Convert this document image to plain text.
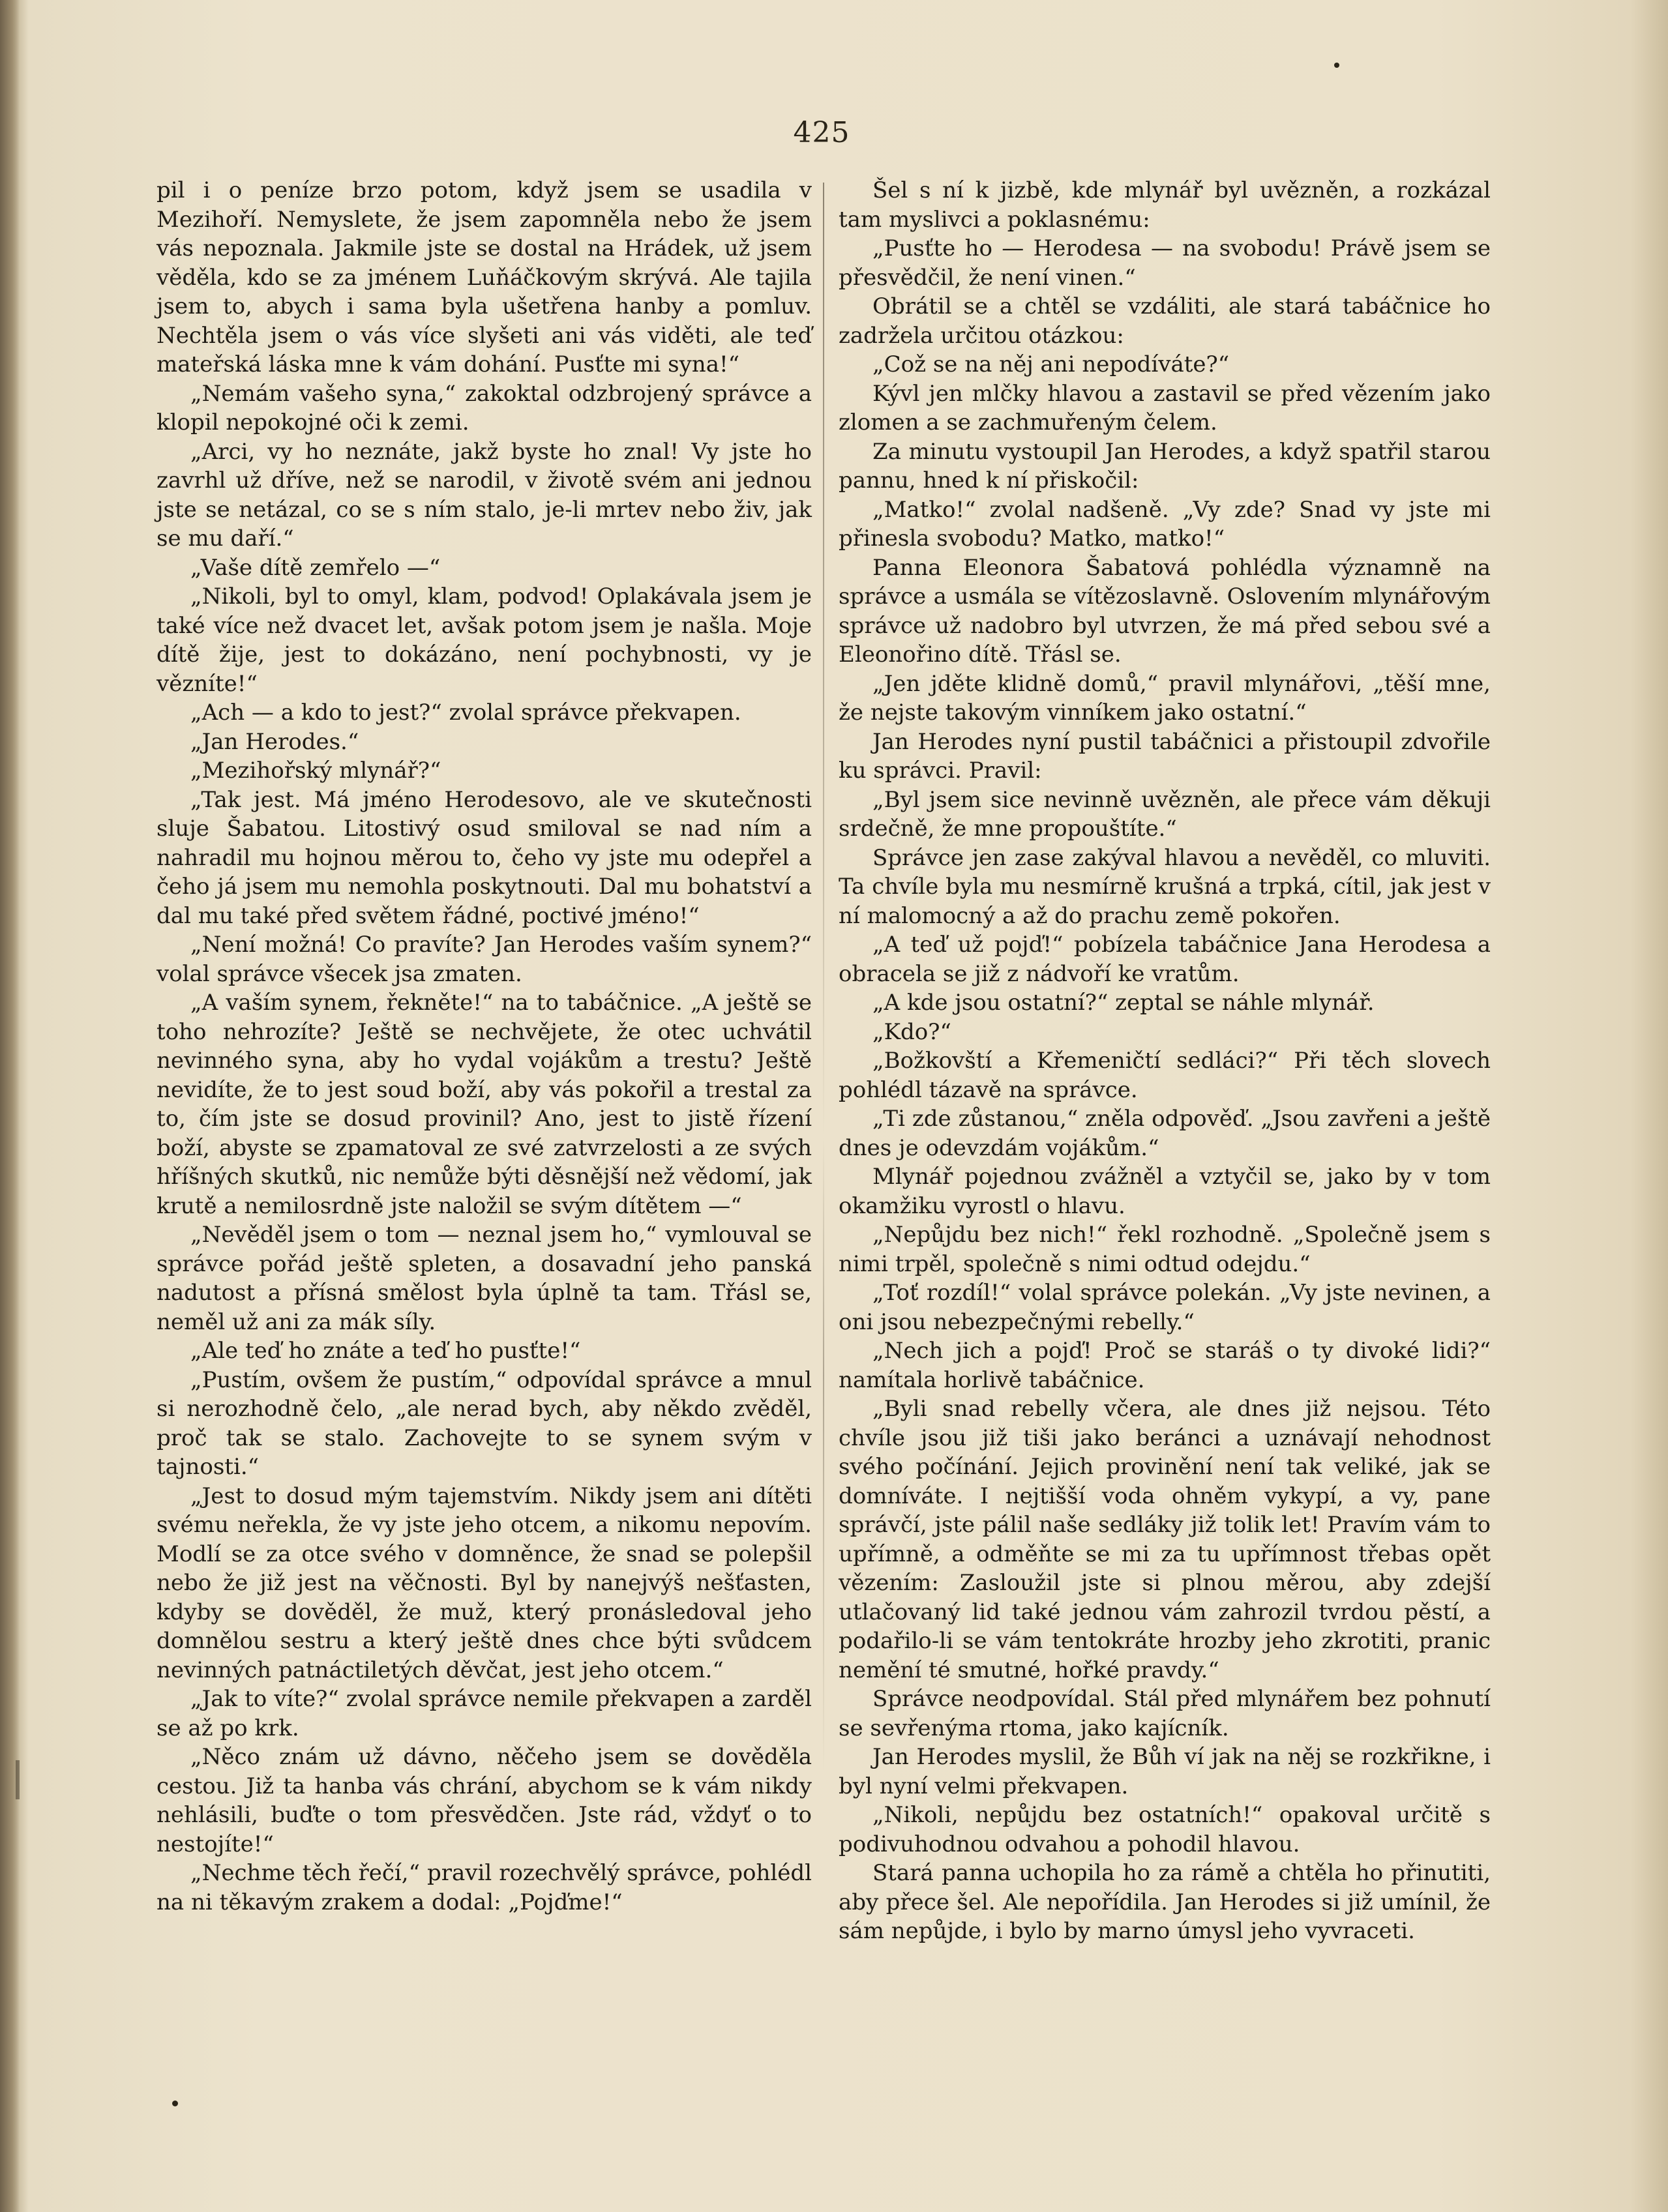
425

pil i o peníze brzo potom, když jsem se usadila v Mezihoří. Nemyslete, že jsem zapomněla nebo že jsem vás nepoznala. Jakmile jste se dostal na Hrádek, už jsem věděla, kdo se za jménem Luňáčkovým skrývá. Ale tajila jsem to, abych i sama byla ušetřena hanby a pomluv. Nechtěla jsem o vás více slyšeti ani vás viděti, ale teď mateřská láska mne k vám dohání. Pusťte mi syna!“

„Nemám vašeho syna,“ zakoktal odzbrojený správce a klopil nepokojné oči k zemi.

„Arci, vy ho neznáte, jakž byste ho znal! Vy jste ho zavrhl už dříve, než se narodil, v životě svém ani jednou jste se netázal, co se s ním stalo, je-li mrtev nebo živ, jak se mu daří.“

„Vaše dítě zemřelo —“

„Nikoli, byl to omyl, klam, podvod! Oplakávala jsem je také více než dvacet let, avšak potom jsem je našla. Moje dítě žije, jest to dokázáno, není pochybnosti, vy je vězníte!“

„Ach — a kdo to jest?“ zvolal správce překvapen.

„Jan Herodes.“

„Mezihořský mlynář?“

„Tak jest. Má jméno Herodesovo, ale ve skutečnosti sluje Šabatou. Litostivý osud smiloval se nad ním a nahradil mu hojnou měrou to, čeho vy jste mu odepřel a čeho já jsem mu nemohla poskytnouti. Dal mu bohatství a dal mu také před světem řádné, poctivé jméno!“

„Není možná! Co pravíte? Jan Herodes vaším synem?“ volal správce všecek jsa zmaten.

„A vaším synem, řekněte!“ na to tabáčnice. „A ještě se toho nehrozíte? Ještě se nechvějete, že otec uchvátil nevinného syna, aby ho vydal vojákům a trestu? Ještě nevidíte, že to jest soud boží, aby vás pokořil a trestal za to, čím jste se dosud provinil? Ano, jest to jistě řízení boží, abyste se zpamatoval ze své zatvrzelosti a ze svých hříšných skutků, nic nemůže býti děsnější než vědomí, jak krutě a nemilosrdně jste naložil se svým dítětem —“

„Nevěděl jsem o tom — neznal jsem ho,“ vymlouval se správce pořád ještě spleten, a dosavadní jeho panská nadutost a přísná smělost byla úplně ta tam. Třásl se, neměl už ani za mák síly.

„Ale teď ho znáte a teď ho pusťte!“

„Pustím, ovšem že pustím,“ odpovídal správce a mnul si nerozhodně čelo, „ale nerad bych, aby někdo zvěděl, proč tak se stalo. Zachovejte to se synem svým v tajnosti.“

„Jest to dosud mým tajemstvím. Nikdy jsem ani dítěti svému neřekla, že vy jste jeho otcem, a nikomu nepovím. Modlí se za otce svého v domněnce, že snad se polepšil nebo že již jest na věčnosti. Byl by nanejvýš nešťasten, kdyby se dověděl, že muž, který pronásledoval jeho domnělou sestru a který ještě dnes chce býti svůdcem nevinných patnáctiletých děvčat, jest jeho otcem.“

„Jak to víte?“ zvolal správce nemile překvapen a zarděl se až po krk.

„Něco znám už dávno, něčeho jsem se dověděla cestou. Již ta hanba vás chrání, abychom se k vám nikdy nehlásili, buďte o tom přesvědčen. Jste rád, vždyť o to nestojíte!“

„Nechme těch řečí,“ pravil rozechvělý správce, pohlédl na ni těkavým zrakem a dodal: „Pojďme!“

Šel s ní k jizbě, kde mlynář byl uvězněn, a rozkázal tam myslivci a poklasnému:

„Pusťte ho — Herodesa — na svobodu! Právě jsem se přesvědčil, že není vinen.“

Obrátil se a chtěl se vzdáliti, ale stará tabáčnice ho zadržela určitou otázkou:

„Což se na něj ani nepodíváte?“

Kývl jen mlčky hlavou a zastavil se před vězením jako zlomen a se zachmuřeným čelem.

Za minutu vystoupil Jan Herodes, a když spatřil starou pannu, hned k ní přiskočil:

„Matko!“ zvolal nadšeně. „Vy zde? Snad vy jste mi přinesla svobodu? Matko, matko!“

Panna Eleonora Šabatová pohlédla významně na správce a usmála se vítězoslavně. Oslovením mlynářovým správce už nadobro byl utvrzen, že má před sebou své a Eleonořino dítě. Třásl se.

„Jen jděte klidně domů,“ pravil mlynářovi, „těší mne, že nejste takovým vinníkem jako ostatní.“

Jan Herodes nyní pustil tabáčnici a přistoupil zdvořile ku správci. Pravil:

„Byl jsem sice nevinně uvězněn, ale přece vám děkuji srdečně, že mne propouštíte.“

Správce jen zase zakýval hlavou a nevěděl, co mluviti. Ta chvíle byla mu nesmírně krušná a trpká, cítil, jak jest v ní malomocný a až do prachu země pokořen.

„A teď už pojď!“ pobízela tabáčnice Jana Herodesa a obracela se již z nádvoří ke vratům.

„A kde jsou ostatní?“ zeptal se náhle mlynář.

„Kdo?“

„Božkovští a Křemeničtí sedláci?“ Při těch slovech pohlédl tázavě na správce.

„Ti zde zůstanou,“ zněla odpověď. „Jsou zavřeni a ještě dnes je odevzdám vojákům.“

Mlynář pojednou zvážněl a vztyčil se, jako by v tom okamžiku vyrostl o hlavu.

„Nepůjdu bez nich!“ řekl rozhodně. „Společně jsem s nimi trpěl, společně s nimi odtud odejdu.“

„Toť rozdíl!“ volal správce polekán. „Vy jste nevinen, a oni jsou nebezpečnými rebelly.“

„Nech jich a pojď! Proč se staráš o ty divoké lidi?“ namítala horlivě tabáčnice.

„Byli snad rebelly včera, ale dnes již nejsou. Této chvíle jsou již tiši jako beránci a uznávají nehodnost svého počínání. Jejich provinění není tak veliké, jak se domníváte. I nejtišší voda ohněm vykypí, a vy, pane správčí, jste pálil naše sedláky již tolik let! Pravím vám to upřímně, a odměňte se mi za tu upřímnost třebas opět vězením: Zasloužil jste si plnou měrou, aby zdejší utlačovaný lid také jednou vám zahrozil tvrdou pěstí, a podařilo-li se vám tentokráte hrozby jeho zkrotiti, pranic nemění té smutné, hořké pravdy.“

Správce neodpovídal. Stál před mlynářem bez pohnutí se sevřenýma rtoma, jako kajícník.

Jan Herodes myslil, že Bůh ví jak na něj se rozkřikne, i byl nyní velmi překvapen.

„Nikoli, nepůjdu bez ostatních!“ opakoval určitě s podivuhodnou odvahou a pohodil hlavou.

Stará panna uchopila ho za rámě a chtěla ho přinutiti, aby přece šel. Ale nepořídila. Jan Herodes si již umínil, že sám nepůjde, i bylo by marno úmysl jeho vyvraceti.
